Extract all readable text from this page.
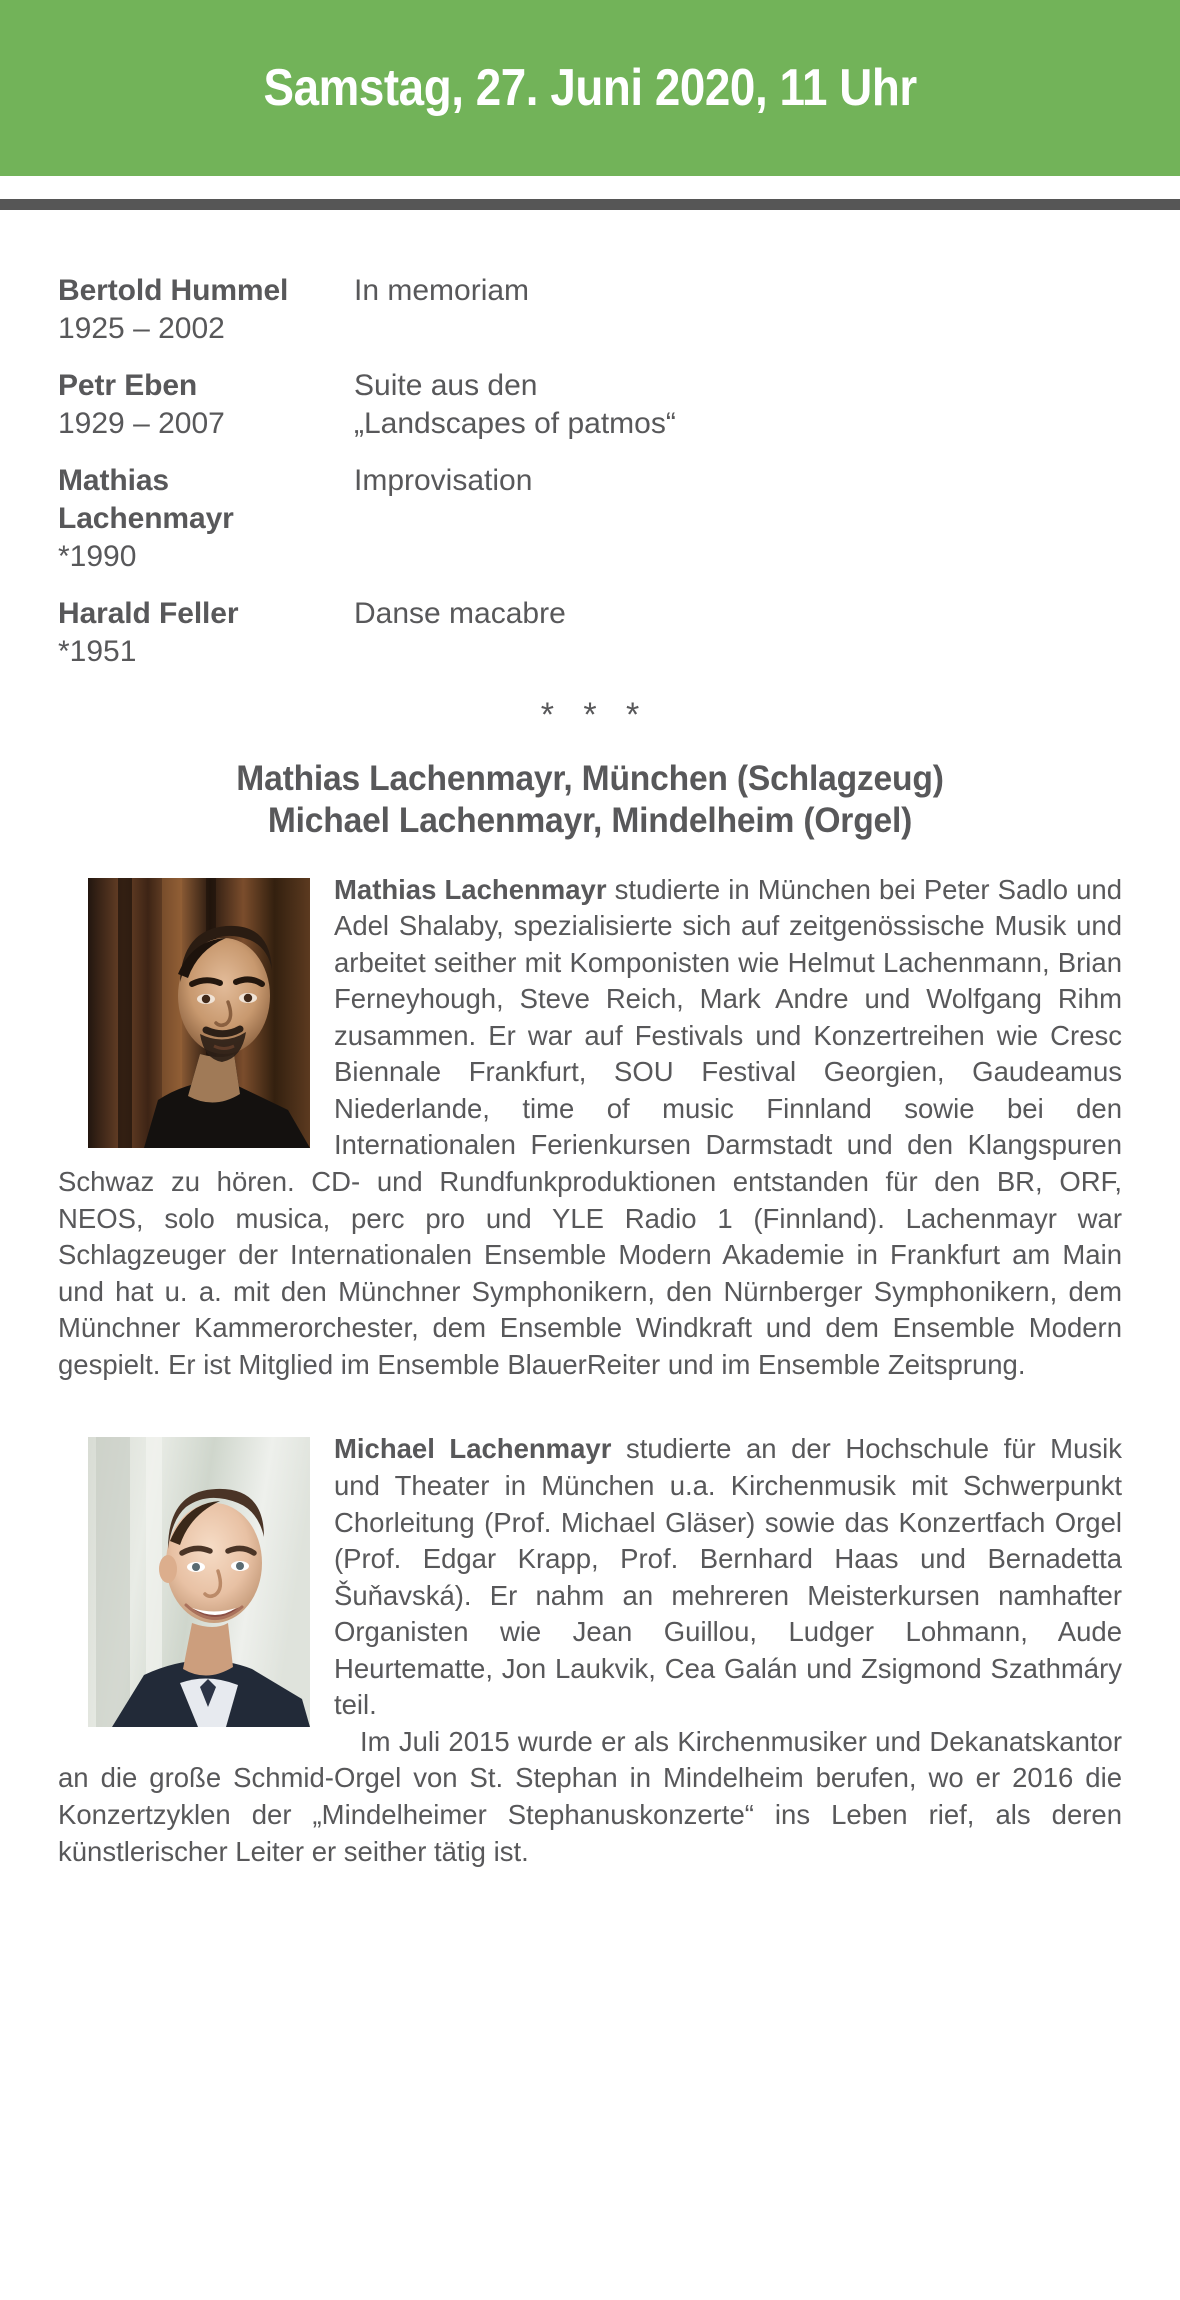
Samstag, 27. Juni 2020, 11 Uhr
Bertold Hummel
1925 – 2002	In memoriam

Petr Eben
1929 – 2007	Suite aus den
„Landscapes of patmos“

Mathias Lachenmayr
*1990	Improvisation

Harald Feller
*1951	Danse macabre
* * *
Mathias Lachenmayr, München (Schlagzeug)
Michael Lachenmayr, Mindelheim (Orgel)

Mathias Lachenmayr studierte in München bei Peter Sadlo und Adel Shalaby, spezialisierte sich auf zeitgenössische Musik und arbeitet seither mit Komponisten wie Helmut Lachenmann, Brian Ferneyhough, Steve Reich, Mark Andre und Wolfgang Rihm zusammen. Er war auf Festivals und Konzertreihen wie Cresc Biennale Frankfurt, SOU Festival Georgien, Gaudeamus Niederlande, time of music Finnland sowie bei den Internationalen Ferienkursen Darmstadt und den Klangspuren Schwaz zu hören. CD- und Rundfunkproduktionen entstanden für den BR, ORF, NEOS, solo musica, perc pro und YLE Radio 1 (Finnland). Lachenmayr war Schlagzeuger der Internationalen Ensemble Modern Akademie in Frankfurt am Main und hat u. a. mit den Münchner Symphonikern, den Nürnberger Symphonikern, dem Münchner Kammerorchester, dem Ensemble Windkraft und dem Ensemble Modern gespielt. Er ist Mitglied im Ensemble BlauerReiter und im Ensemble Zeitsprung.

Michael Lachenmayr studierte an der Hochschule für Musik und Theater in München u.a. Kirchenmusik mit Schwerpunkt Chorleitung (Prof. Michael Gläser) sowie das Konzertfach Orgel (Prof. Edgar Krapp, Prof. Bernhard Haas und Bernadetta Šuňavská). Er nahm an mehreren Meisterkursen namhafter Organisten wie Jean Guillou, Ludger Lohmann, Aude Heurtematte, Jon Laukvik, Cea Galán und Zsigmond Szathmáry teil.

Im Juli 2015 wurde er als Kirchenmusiker und Dekanatskantor an die große Schmid-Orgel von St. Stephan in Mindelheim berufen, wo er 2016 die Konzertzyklen der „Mindelheimer Stephanuskonzerte“ ins Leben rief, als deren künstlerischer Leiter er seither tätig ist.
